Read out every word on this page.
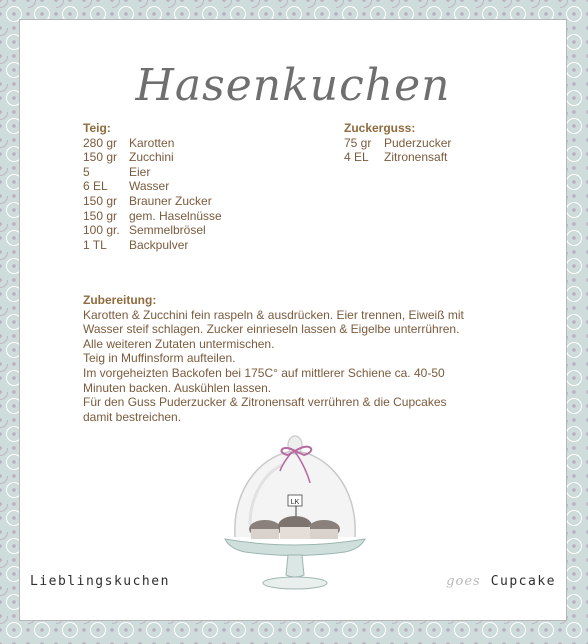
Hasenkuchen
Teig:
280 gr Karotten
150 gr Zucchini
5	Eier
6 EL	Wasser
150 gr Brauner Zucker
150 gr gem. Haselnüsse
100 gr. Semmelbrösel
1 TL	Backpulver
Zuckerguss:
75 gr	Puderzucker
4 EL	Zitronensaft
Zubereitung:

Karotten & Zucchini fein raspeln & ausdrücken. Eier trennen, Eiweiß mit Wasser steif schlagen. Zucker einrieseln lassen & Eigelbe unterrühren. Alle weiteren Zutaten untermischen.

Teig in Muffinsform aufteilen.

Im vorgeheizten Backofen bei 175C° auf mittlerer Schiene ca. 40-50 Minuten backen. Auskühlen lassen.

Für den Guss Puderzucker & Zitronensaft verrühren & die Cupcakes damit bestreichen.

LK
Lieblingskuchen	goes Cupcake
